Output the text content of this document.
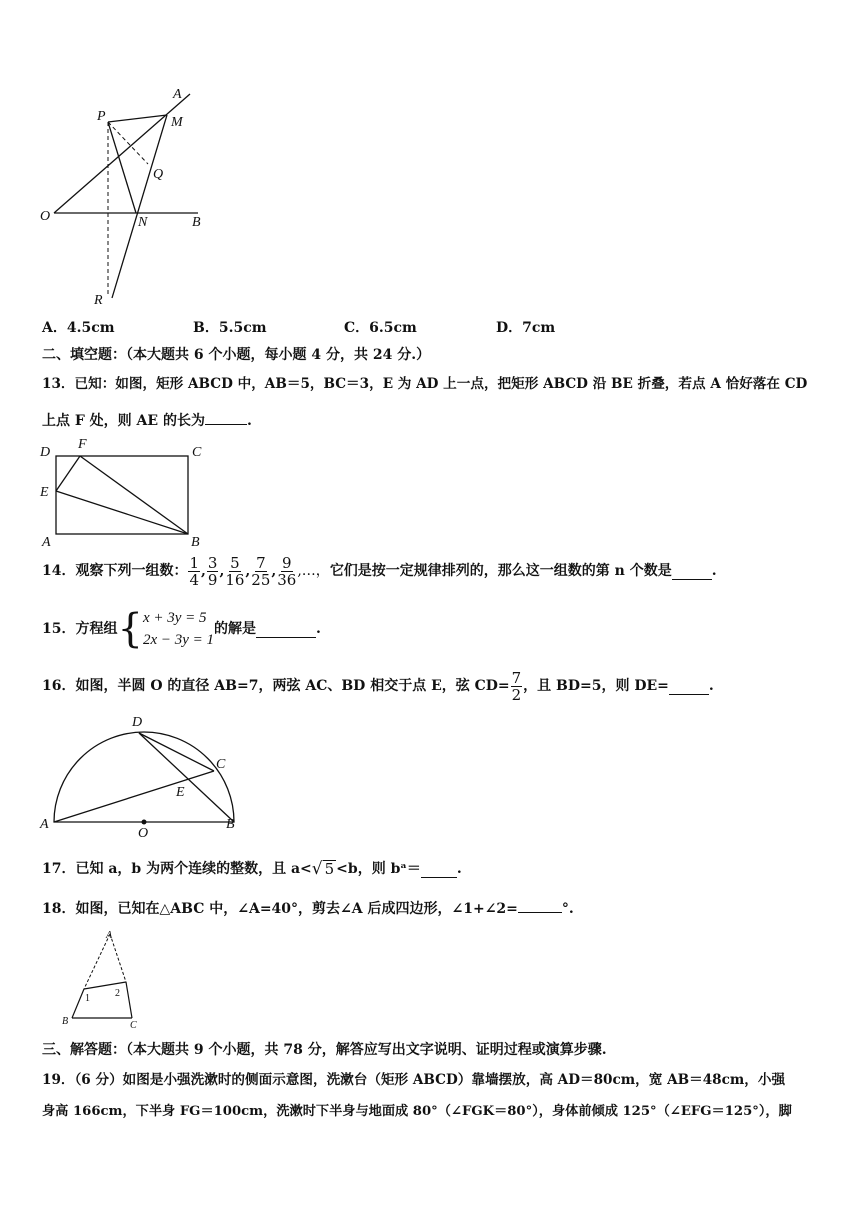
A
P	M
Q
O	N	B
R
A．4.5cm	B．5.5cm	C．6.5cm	D．7cm
二、填空题：（本大题共 6 个小题，每小题 4 分，共 24 分.）
13．已知：如图，矩形 ABCD 中，AB＝5，BC＝3，E 为 AD 上一点，把矩形 ABCD 沿 BE 折叠，若点 A 恰好落在 CD
上点 F 处，则 AE 的长为	.
D
F
C
E
A	B
14．观察下列一组数： $\frac{1}{4}$ , $\frac{3}{9}$ , $\frac{5}{16}$ , $\frac{7}{25}$ , $\frac{9}{36}$ ,…， 它们是按一定规律排列的，那么这一组数的第 n 个数是	.
15．方程组 { x + 3y = 5
2x − 3y = 1
的解是	.
16．如图，半圆 O 的直径 AB=7，两弦 AC、BD 相交于点 E，弦 $CD= \frac{7}{2}$ ，且 BD=5，则 DE=	.
D
C
E
A
O
B
17．已知 a，b 为两个连续的整数，且 a< √ 5 <b，则 bᵃ＝	.
18．如图，已知在△ABC 中，∠A=40°，剪去∠A 后成四边形，∠1+∠2=	°.
A
1	2
B	C
三、解答题：（本大题共 9 个小题，共 78 分，解答应写出文字说明、证明过程或演算步骤.
19．（6 分）如图是小强洗漱时的侧面示意图，洗漱台（矩形 ABCD）靠墙摆放，高 AD＝80cm，宽 AB＝48cm，小强
身高 166cm，下半身 FG＝100cm，洗漱时下半身与地面成 80°（∠FGK＝80°），身体前倾成 125°（∠EFG＝125°），脚
